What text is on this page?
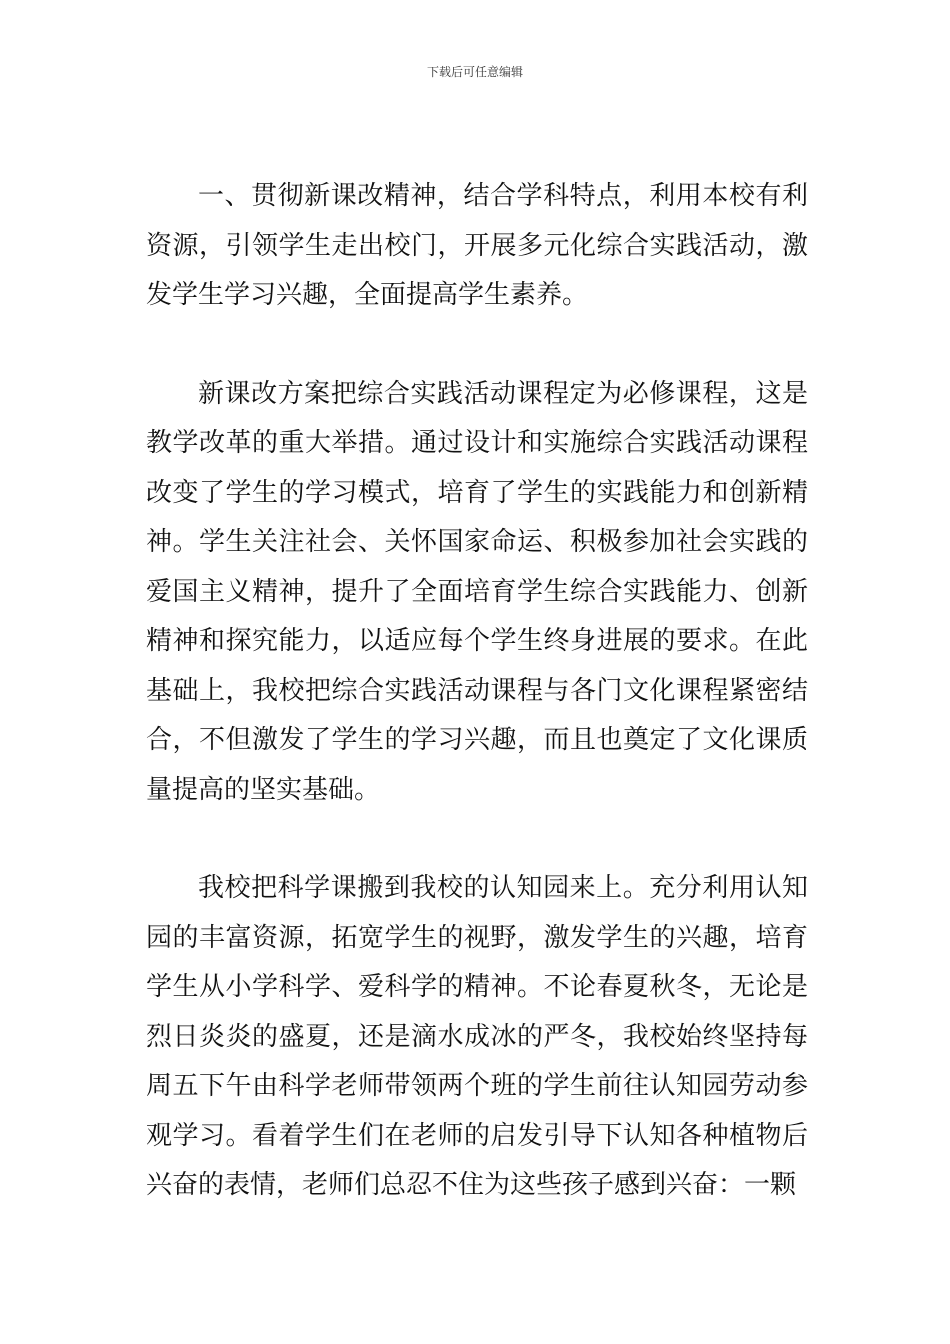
下载后可任意编辑

一、贯彻新课改精神，结合学科特点，利用本校有利资源，引领学生走出校门，开展多元化综合实践活动，激发学生学习兴趣，全面提高学生素养。

新课改方案把综合实践活动课程定为必修课程，这是教学改革的重大举措。通过设计和实施综合实践活动课程改变了学生的学习模式，培育了学生的实践能力和创新精神。学生关注社会、关怀国家命运、积极参加社会实践的爱国主义精神，提升了全面培育学生综合实践能力、创新精神和探究能力，以适应每个学生终身进展的要求。在此基础上，我校把综合实践活动课程与各门文化课程紧密结合，不但激发了学生的学习兴趣，而且也奠定了文化课质量提高的坚实基础。

我校把科学课搬到我校的认知园来上。充分利用认知园的丰富资源，拓宽学生的视野，激发学生的兴趣，培育学生从小学科学、爱科学的精神。不论春夏秋冬，无论是烈日炎炎的盛夏，还是滴水成冰的严冬，我校始终坚持每周五下午由科学老师带领两个班的学生前往认知园劳动参观学习。看着学生们在老师的启发引导下认知各种植物后兴奋的表情，老师们总忍不住为这些孩子感到兴奋：一颗
